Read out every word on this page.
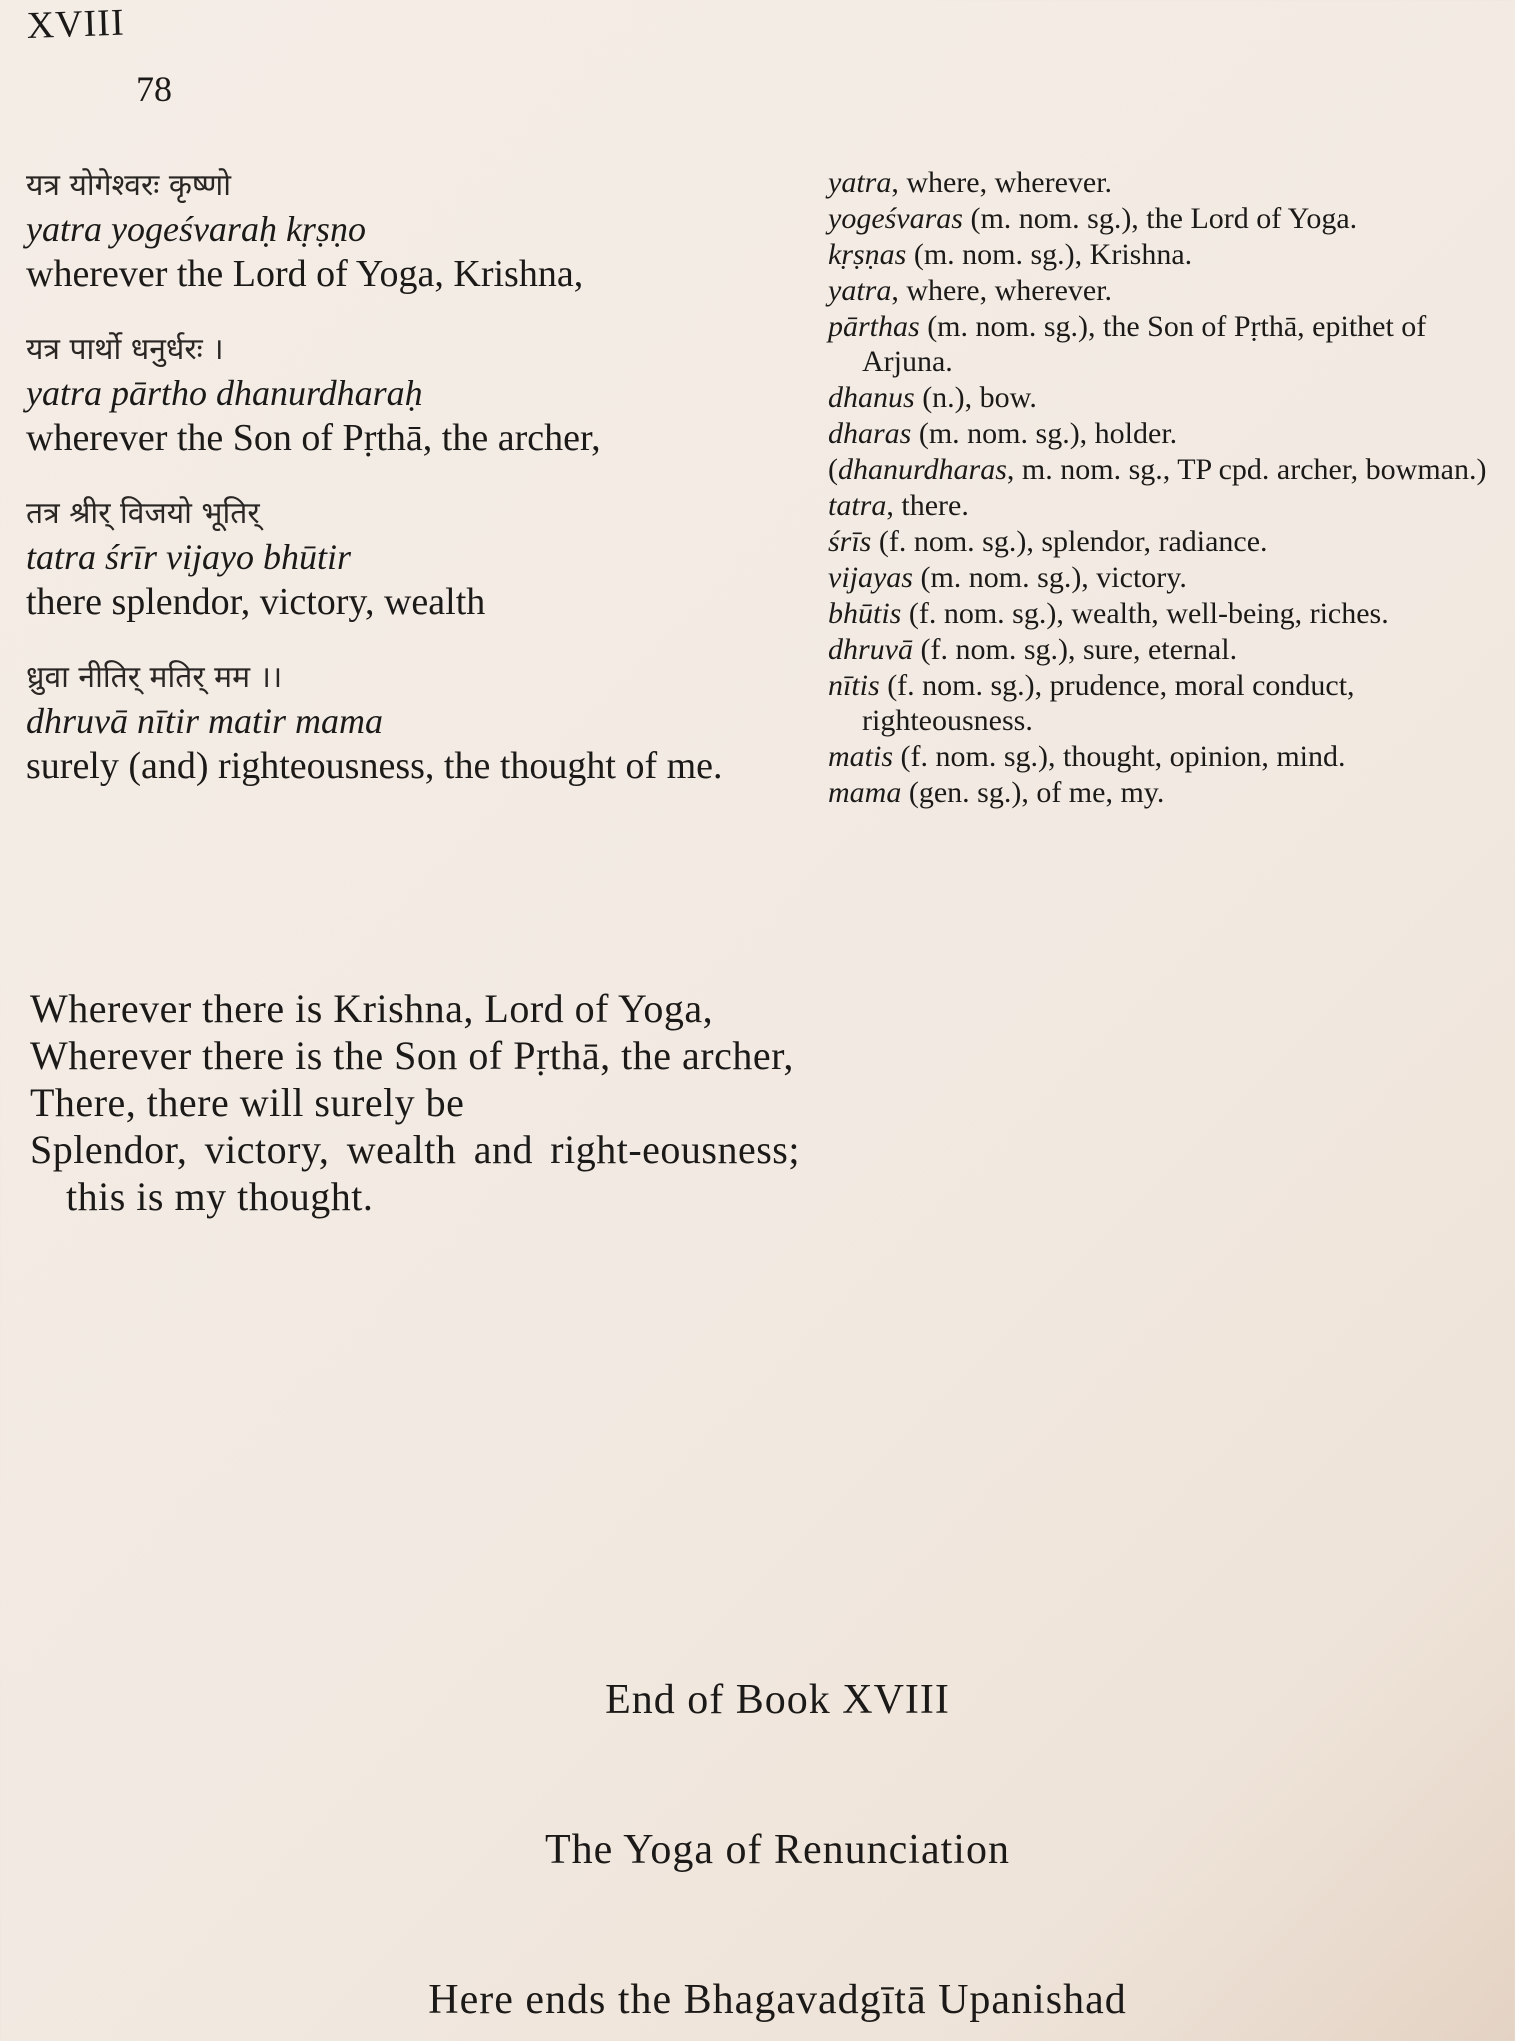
XVIII
78
यत्र योगेश्वरः कृष्णो
yatra yogeśvaraḥ kṛṣṇo
wherever the Lord of Yoga, Krishna,
यत्र पार्थो धनुर्धरः ।
yatra pārtho dhanurdharaḥ
wherever the Son of Pṛthā, the archer,
तत्र श्रीर् विजयो भूतिर्
tatra śrīr vijayo bhūtir
there splendor, victory, wealth
ध्रुवा नीतिर् मतिर् मम ।।
dhruvā nītir matir mama
surely (and) righteousness, the thought of me.
Wherever there is Krishna, Lord of Yoga,
Wherever there is the Son of Pṛthā, the archer,
There, there will surely be
Splendor, victory, wealth and right-eousness; this is my thought.
yatra, where, wherever.
yogeśvaras (m. nom. sg.), the Lord of Yoga.
kṛṣṇas (m. nom. sg.), Krishna.
yatra, where, wherever.
pārthas (m. nom. sg.), the Son of Pṛthā, epithet of Arjuna.
dhanus (n.), bow.
dharas (m. nom. sg.), holder.
(dhanurdharas, m. nom. sg., TP cpd. archer, bowman.)
tatra, there.
śrīs (f. nom. sg.), splendor, radiance.
vijayas (m. nom. sg.), victory.
bhūtis (f. nom. sg.), wealth, well-being, riches.
dhruvā (f. nom. sg.), sure, eternal.
nītis (f. nom. sg.), prudence, moral conduct, righteousness.
matis (f. nom. sg.), thought, opinion, mind.
mama (gen. sg.), of me, my.
End of Book XVIII
The Yoga of Renunciation
Here ends the Bhagavadgītā Upanishad
